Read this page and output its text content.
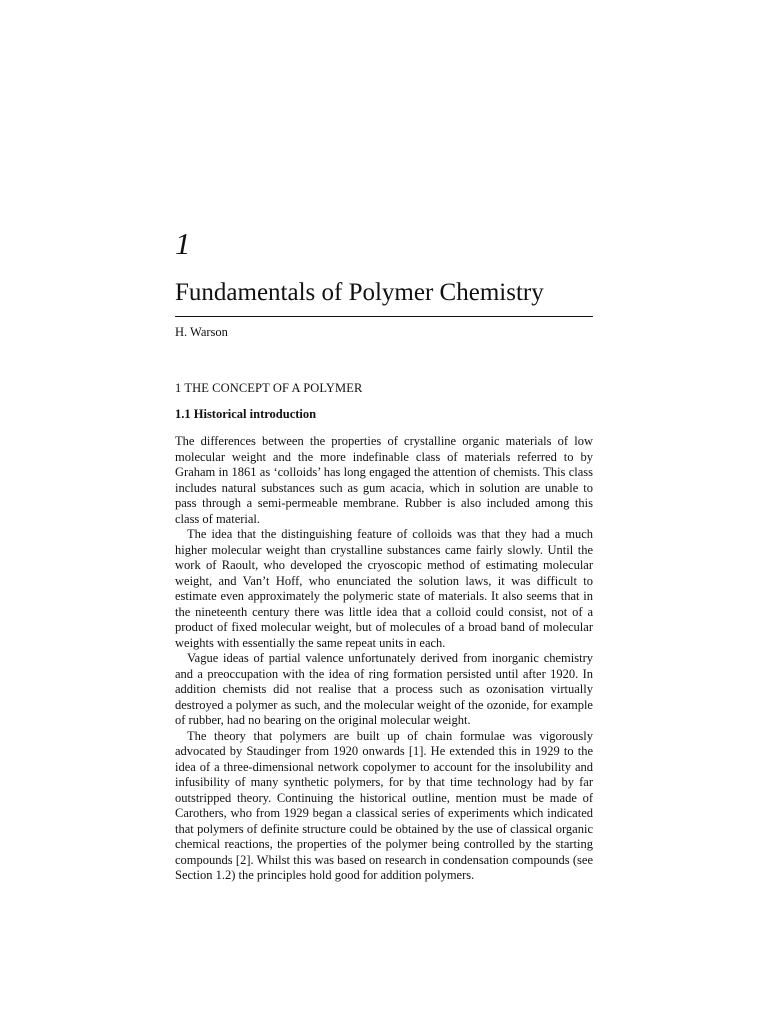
1
Fundamentals of Polymer Chemistry
H. Warson
1 THE CONCEPT OF A POLYMER
1.1 Historical introduction

The differences between the properties of crystalline organic materials of low molecular weight and the more indefinable class of materials referred to by Graham in 1861 as ‘colloids’ has long engaged the attention of chemists. This class includes natural substances such as gum acacia, which in solution are unable to pass through a semi-permeable membrane. Rubber is also included among this class of material.

The idea that the distinguishing feature of colloids was that they had a much higher molecular weight than crystalline substances came fairly slowly. Until the work of Raoult, who developed the cryoscopic method of estimating molecular weight, and Van’t Hoff, who enunciated the solution laws, it was difficult to estimate even approximately the polymeric state of materials. It also seems that in the nineteenth century there was little idea that a colloid could consist, not of a product of fixed molecular weight, but of molecules of a broad band of molecular weights with essentially the same repeat units in each.

Vague ideas of partial valence unfortunately derived from inorganic chemistry and a preoccupation with the idea of ring formation persisted until after 1920. In addition chemists did not realise that a process such as ozonisation virtually destroyed a polymer as such, and the molecular weight of the ozonide, for example of rubber, had no bearing on the original molecular weight.

The theory that polymers are built up of chain formulae was vigorously advocated by Staudinger from 1920 onwards [1]. He extended this in 1929 to the idea of a three-dimensional network copolymer to account for the insolubility and infusibility of many synthetic polymers, for by that time technology had by far outstripped theory. Continuing the historical outline, mention must be made of Carothers, who from 1929 began a classical series of experiments which indicated that polymers of definite structure could be obtained by the use of classical organic chemical reactions, the properties of the polymer being controlled by the starting compounds [2]. Whilst this was based on research in condensation compounds (see Section 1.2) the principles hold good for addition polymers.
